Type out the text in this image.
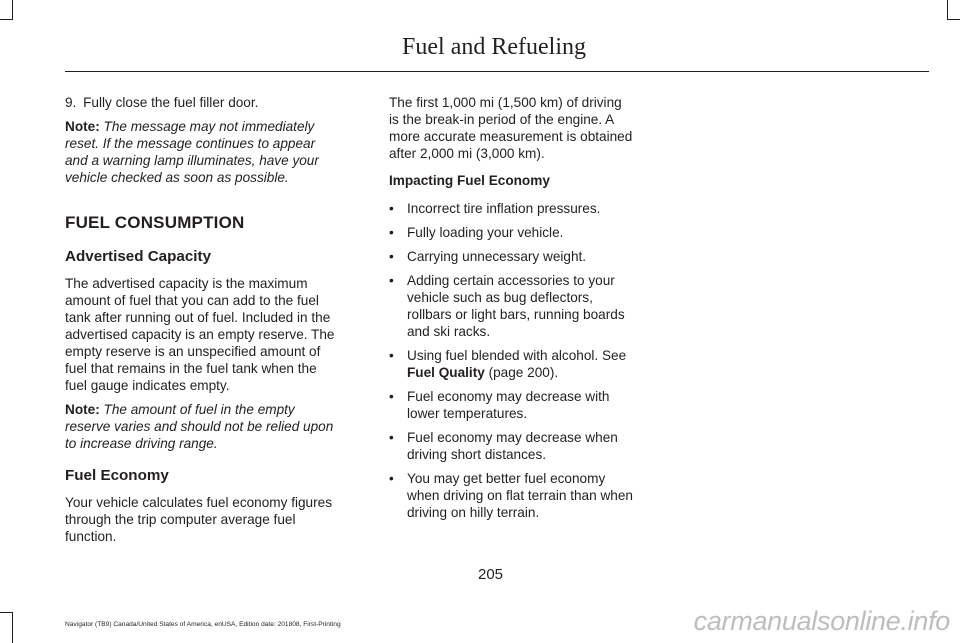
Fuel and Refueling

9. Fully close the fuel filler door.

Note: The message may not immediately reset. If the message continues to appear and a warning lamp illuminates, have your vehicle checked as soon as possible.

FUEL CONSUMPTION
Advertised Capacity

The advertised capacity is the maximum amount of fuel that you can add to the fuel tank after running out of fuel. Included in the advertised capacity is an empty reserve. The empty reserve is an unspecified amount of fuel that remains in the fuel tank when the fuel gauge indicates empty.

Note: The amount of fuel in the empty reserve varies and should not be relied upon to increase driving range.

Fuel Economy

Your vehicle calculates fuel economy figures through the trip computer average fuel function.

The first 1,000 mi (1,500 km) of driving is the break-in period of the engine. A more accurate measurement is obtained after 2,000 mi (3,000 km).

Impacting Fuel Economy
• Incorrect tire inflation pressures.
• Fully loading your vehicle.
• Carrying unnecessary weight.
• Adding certain accessories to your vehicle such as bug deflectors, rollbars or light bars, running boards and ski racks.
• Using fuel blended with alcohol. See Fuel Quality (page 200).
• Fuel economy may decrease with lower temperatures.
• Fuel economy may decrease when driving short distances.
• You may get better fuel economy when driving on flat terrain than when driving on hilly terrain.
205
Navigator (TB9) Canada/United States of America, enUSA, Edition date: 201808, First-Printing	carmanualsonline.info
